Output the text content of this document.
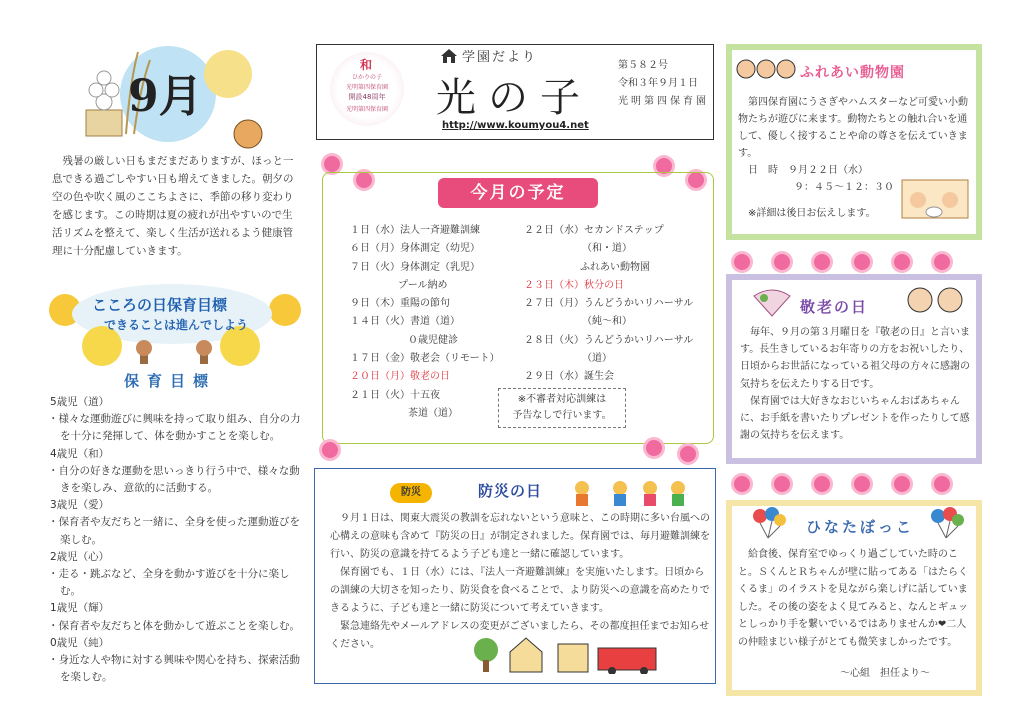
9月
残暑の厳しい日もまだまだありますが、ほっと一息できる過ごしやすい日も増えてきました。朝夕の空の色や吹く風のここちよさに、季節の移り変わりを感じます。この時期は夏の疲れが出やすいので生活リズムを整えて、楽しく生活が送れるよう健康管理に十分配慮していきます。
こころの日保育目標
できることは進んでしよう
保育目標
5歳児（道）
・様々な運動遊びに興味を持って取り組み、自分の力を十分に発揮して、体を動かすことを楽しむ。
4歳児（和）
・自分の好きな運動を思いっきり行う中で、様々な動きを楽しみ、意欲的に活動する。
3歳児（愛）
・保育者や友だちと一緒に、全身を使った運動遊びを楽しむ。
2歳児（心）
・走る・跳ぶなど、全身を動かす遊びを十分に楽しむ。
1歳児（輝）
・保育者や友だちと体を動かして遊ぶことを楽しむ。
0歳児（純）
・身近な人や物に対する興味や関心を持ち、探索活動を楽しむ。
和
ひかりの子
光明第四保育園
開設48周年
光明第四保育園
学園だより
光の子
第５８２号
令和３年９月１日
光明第四保育園
http://www.koumyou4.net
今月の予定
１日（水）法人一斉避難訓練
６日（月）身体測定（幼児）
７日（火）身体測定（乳児）
プール納め
９日（木）重陽の節句
１４日（火）書道（道）
０歳児健診
１７日（金）敬老会（リモート）
２０日（月）敬老の日
２１日（火）十五夜
茶道（道）
２２日（水）セカンドステップ
（和・道）
ふれあい動物園
２３日（木）秋分の日
２７日（月）うんどうかいリハーサル
（純〜和）
２８日（火）うんどうかいリハーサル
（道）
２９日（水）誕生会
※不審者対応訓練は
予告なしで行います。
防災	防災の日

９月１日は、関東大震災の教訓を忘れないという意味と、この時期に多い台風への心構えの意味も含めて『防災の日』が制定されました。保育園では、毎月避難訓練を行い、防災の意識を持てるよう子ども達と一緒に確認しています。

保育園でも、１日（水）には、『法人一斉避難訓練』を実施いたします。日頃からの訓練の大切さを知ったり、防災食を食べることで、より防災への意識を高めたりできるように、子ども達と一緒に防災について考えていきます。

緊急連絡先やメールアドレスの変更がございましたら、その都度担任までお知らせください。

ふれあい動物園
　第四保育園にうさぎやハムスターなど可愛い小動物たちが遊びに来ます。動物たちとの触れ合いを通して、優しく接することや命の尊さを伝えていきます。
日　時　９月２２日（水）
９：４５〜１２：３０
※詳細は後日お伝えします。
敬老の日

毎年、９月の第３月曜日を『敬老の日』と言います。長生きしているお年寄りの方をお祝いしたり、日頃からお世話になっている祖父母の方々に感謝の気持ちを伝えたりする日です。

保育園では大好きなおじいちゃんおばあちゃんに、お手紙を書いたりプレゼントを作ったりして感謝の気持ちを伝えます。

ひなたぼっこ
給食後、保育室でゆっくり過ごしていた時のこと。ＳくんとＲちゃんが壁に貼ってある「はたらくくるま」のイラストを見ながら楽しげに話していました。その後の姿をよく見てみると、なんとギュッとしっかり手を繋いでいるではありませんか❤二人の仲睦まじい様子がとても微笑ましかったです。
〜心組　担任より〜
